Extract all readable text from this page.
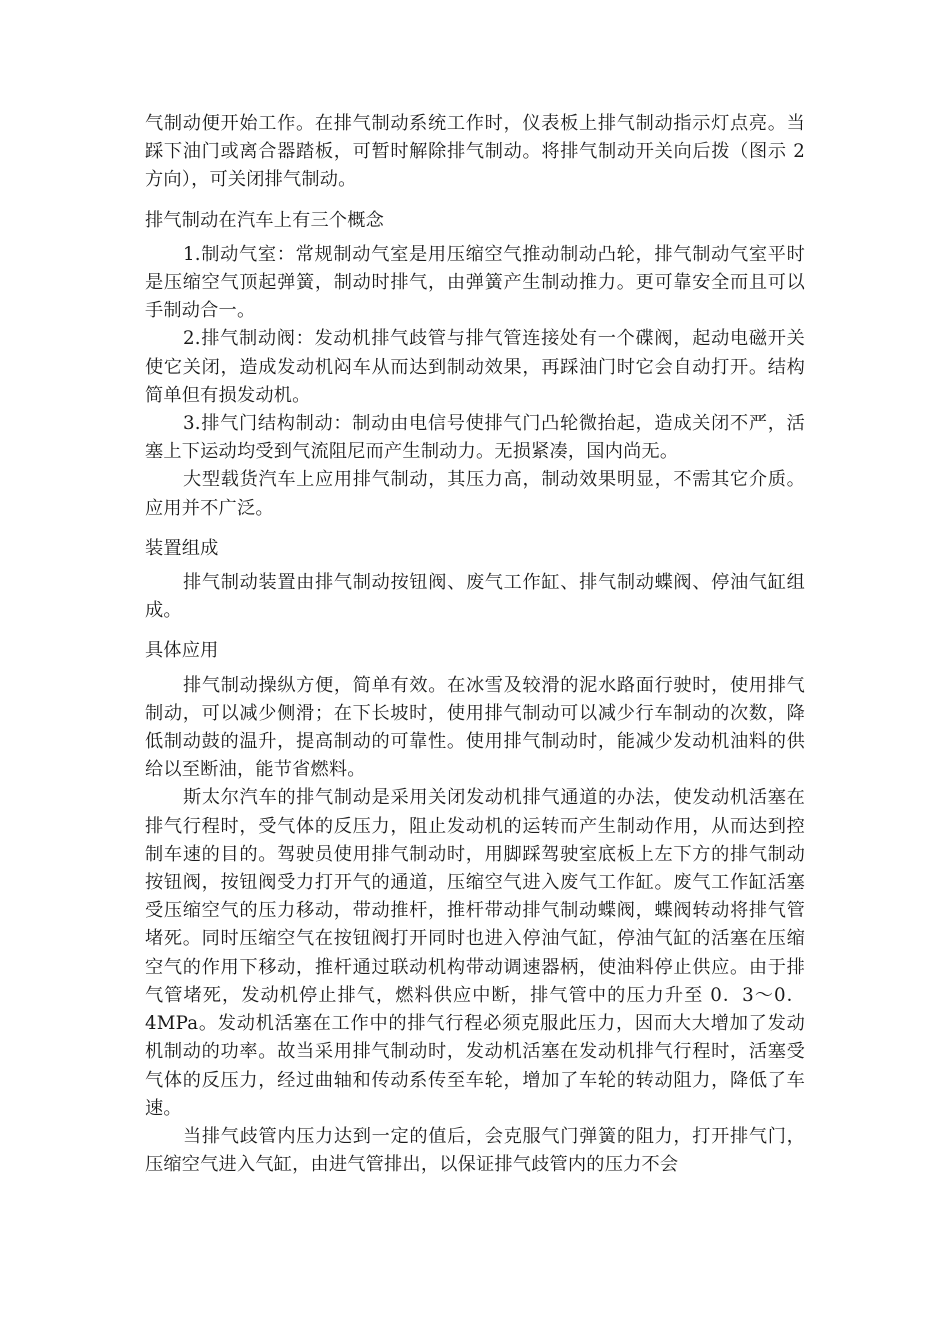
气制动便开始工作。在排气制动系统工作时，仪表板上排气制动指示灯点亮。当踩下油门或离合器踏板，可暂时解除排气制动。将排气制动开关向后拨（图示 2 方向），可关闭排气制动。

排气制动在汽车上有三个概念

1.制动气室：常规制动气室是用压缩空气推动制动凸轮，排气制动气室平时是压缩空气顶起弹簧，制动时排气，由弹簧产生制动推力。更可靠安全而且可以手制动合一。

2.排气制动阀：发动机排气歧管与排气管连接处有一个碟阀，起动电磁开关使它关闭，造成发动机闷车从而达到制动效果，再踩油门时它会自动打开。结构简单但有损发动机。

3.排气门结构制动：制动由电信号使排气门凸轮微抬起，造成关闭不严，活塞上下运动均受到气流阻尼而产生制动力。无损紧凑，国内尚无。

大型载货汽车上应用排气制动，其压力高，制动效果明显，不需其它介质。应用并不广泛。

装置组成

排气制动装置由排气制动按钮阀、废气工作缸、排气制动蝶阀、停油气缸组成。

具体应用

排气制动操纵方便，简单有效。在冰雪及较滑的泥水路面行驶时，使用排气制动，可以减少侧滑；在下长坡时，使用排气制动可以减少行车制动的次数，降低制动鼓的温升，提高制动的可靠性。使用排气制动时，能减少发动机油料的供给以至断油，能节省燃料。

斯太尔汽车的排气制动是采用关闭发动机排气通道的办法，使发动机活塞在排气行程时，受气体的反压力，阻止发动机的运转而产生制动作用，从而达到控制车速的目的。驾驶员使用排气制动时，用脚踩驾驶室底板上左下方的排气制动按钮阀，按钮阀受力打开气的通道，压缩空气进入废气工作缸。废气工作缸活塞受压缩空气的压力移动，带动推杆，推杆带动排气制动蝶阀，蝶阀转动将排气管堵死。同时压缩空气在按钮阀打开同时也进入停油气缸，停油气缸的活塞在压缩空气的作用下移动，推杆通过联动机构带动调速器柄，使油料停止供应。由于排气管堵死，发动机停止排气，燃料供应中断，排气管中的压力升至 0．3～0．4MPa。发动机活塞在工作中的排气行程必须克服此压力，因而大大增加了发动机制动的功率。故当采用排气制动时，发动机活塞在发动机排气行程时，活塞受气体的反压力，经过曲轴和传动系传至车轮，增加了车轮的转动阻力，降低了车速。

当排气歧管内压力达到一定的值后，会克服气门弹簧的阻力，打开排气门，压缩空气进入气缸，由进气管排出，以保证排气歧管内的压力不会
